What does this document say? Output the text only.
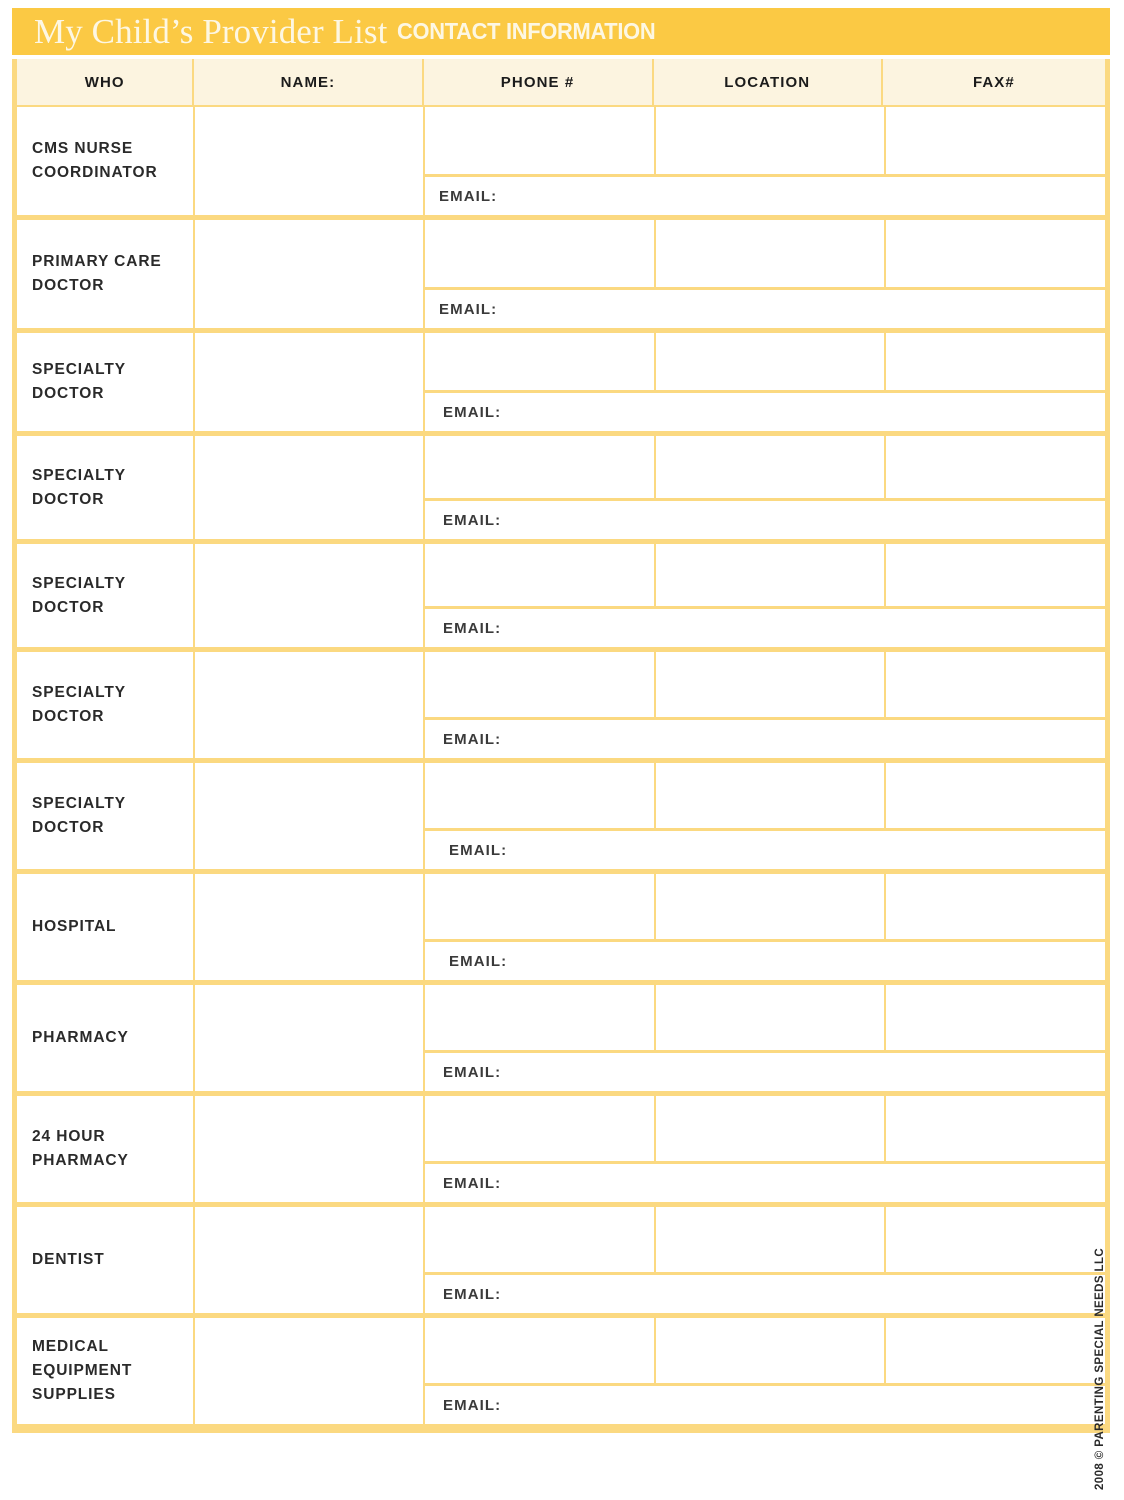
My Child’s Provider List CONTACT INFORMATION
WHO	NAME:	PHONE #	LOCATION	FAX#
CMS NURSE COORDINATOR
EMAIL:
PRIMARY CARE DOCTOR
EMAIL:
SPECIALTY DOCTOR
EMAIL:
SPECIALTY DOCTOR
EMAIL:
SPECIALTY DOCTOR
EMAIL:
SPECIALTY DOCTOR
EMAIL:
SPECIALTY DOCTOR
EMAIL:
HOSPITAL
EMAIL:
PHARMACY
EMAIL:
24 HOUR PHARMACY
EMAIL:
DENTIST
EMAIL:
MEDICAL EQUIPMENT SUPPLIES
EMAIL:	2008 © PARENTING SPECIAL NEEDS LLC
